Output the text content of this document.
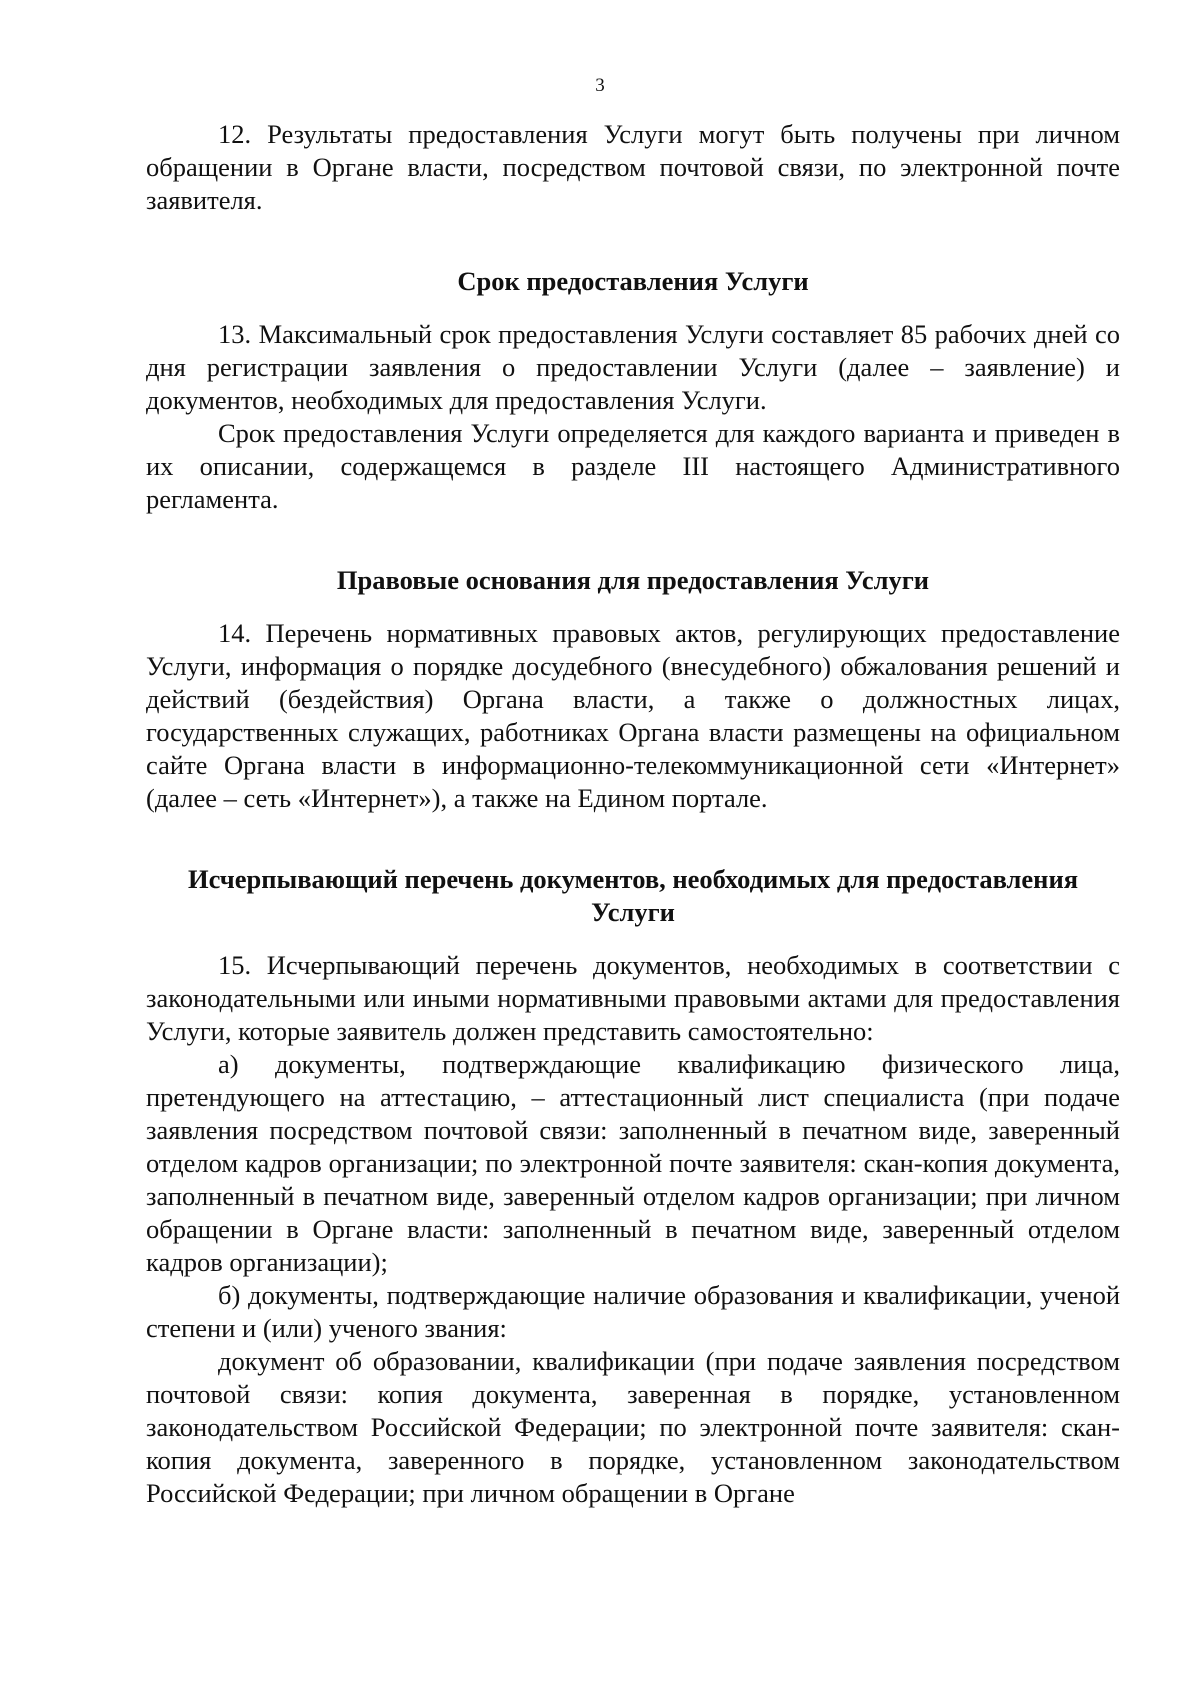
3

12. Результаты предоставления Услуги могут быть получены при личном обращении в Органе власти, посредством почтовой связи, по электронной почте заявителя.

Срок предоставления Услуги

13. Максимальный срок предоставления Услуги составляет 85 рабочих дней со дня регистрации заявления о предоставлении Услуги (далее – заявление) и документов, необходимых для предоставления Услуги.

Срок предоставления Услуги определяется для каждого варианта и приведен в их описании, содержащемся в разделе III настоящего Административного регламента.

Правовые основания для предоставления Услуги

14. Перечень нормативных правовых актов, регулирующих предоставление Услуги, информация о порядке досудебного (внесудебного) обжалования решений и действий (бездействия) Органа власти, а также о должностных лицах, государственных служащих, работниках Органа власти размещены на официальном сайте Органа власти в информационно-телекоммуникационной сети «Интернет» (далее – сеть «Интернет»), а также на Едином портале.

Исчерпывающий перечень документов, необходимых для предоставления Услуги

15. Исчерпывающий перечень документов, необходимых в соответствии с законодательными или иными нормативными правовыми актами для предоставления Услуги, которые заявитель должен представить самостоятельно:

а) документы, подтверждающие квалификацию физического лица, претендующего на аттестацию, – аттестационный лист специалиста (при подаче заявления посредством почтовой связи: заполненный в печатном виде, заверенный отделом кадров организации; по электронной почте заявителя: скан-копия документа, заполненный в печатном виде, заверенный отделом кадров организации; при личном обращении в Органе власти: заполненный в печатном виде, заверенный отделом кадров организации);

б) документы, подтверждающие наличие образования и квалификации, ученой степени и (или) ученого звания:

документ об образовании, квалификации (при подаче заявления посредством почтовой связи: копия документа, заверенная в порядке, установленном законодательством Российской Федерации; по электронной почте заявителя: скан-копия документа, заверенного в порядке, установленном законодательством Российской Федерации; при личном обращении в Органе
